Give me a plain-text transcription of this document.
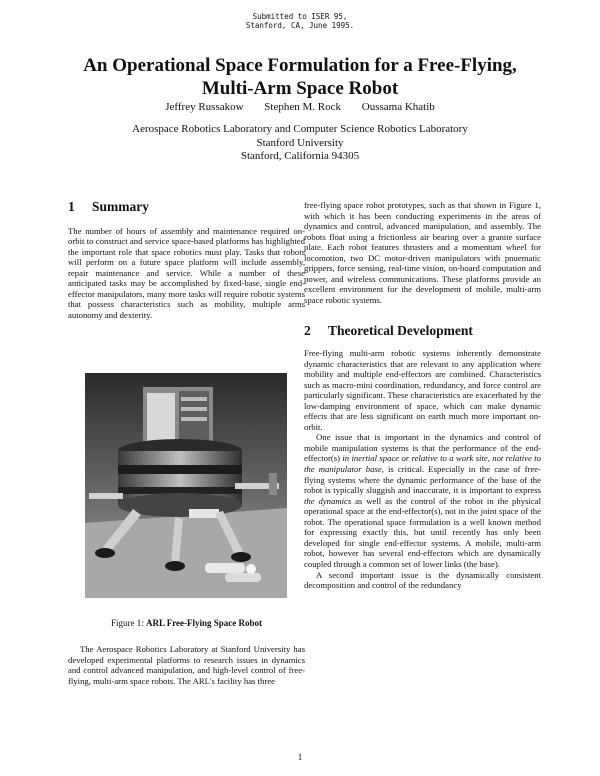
Submitted to ISER 95,
Stanford, CA, June 1995.
An Operational Space Formulation for a Free-Flying,
Multi-Arm Space Robot
Jeffrey Russakow Stephen M. Rock Oussama Khatib
Aerospace Robotics Laboratory and Computer Science Robotics Laboratory
Stanford University
Stanford, California 94305
1 Summary

The number of hours of assembly and maintenance required on-orbit to construct and service space-based platforms has highlighted the important role that space robotics must play. Tasks that robots will perform on a future space platform will include assembly, repair maintenance and service. While a number of these anticipated tasks may be accomplished by fixed-base, single end-effector manipulators, many more tasks will require robotic systems that possess characteristics such as mobility, multiple arms autonomy and dexterity.

Figure 1: ARL Free-Flying Space Robot

The Aerospace Robotics Laboratory at Stanford University has developed experimental platforms to research issues in dynamics and control advanced manipulation, and high-level control of free-flying, multi-arm space robots. The ARL's facility has three

free-flying space robot prototypes, such as that shown in Figure 1, with which it has been conducting experiments in the areas of dynamics and control, advanced manipulation, and assembly. The robots float using a frictionless air bearing over a granite surface plate. Each robot features thrusters and a momentum wheel for locomotion, two DC motor-driven manipulators with pnuematic grippers, force sensing, real-time vision, on-board computation and power, and wireless communications. These platforms provide an excellent environment for the development of mobile, multi-arm space robotic systems.

2 Theoretical Development

Free-flying multi-arm robotic systems inherently demonstrate dynamic characteristics that are relevant to any application where mobility and multiple end-effectors are combined. Characteristics such as macro-mini coordination, redundancy, and force control are particularly significant. These characteristics are exacerbated by the low-damping environment of space, which can make dynamic effects that are less significant on earth much more important on-orbit.

One issue that is important in the dynamics and control of mobile manipulation systems is that the performance of the end-effector(s) in inertial space or relative to a work site, not relative to the manipulator base, is critical. Especially in the case of free-flying systems where the dynamic performance of the base of the robot is typically sluggish and inaccurate, it is important to express the dynamics as well as the control of the robot in the physical operational space at the end-effector(s), not in the joint space of the robot. The operational space formulation is a well known method for expressing exactly this, but until recently has only been developed for single end-effector systems. A mobile, multi-arm robot, however has several end-effectors which are dynamically coupled through a common set of lower links (the base).

A second important issue is the dynamically consistent decomposition and control of the redundancy

1
